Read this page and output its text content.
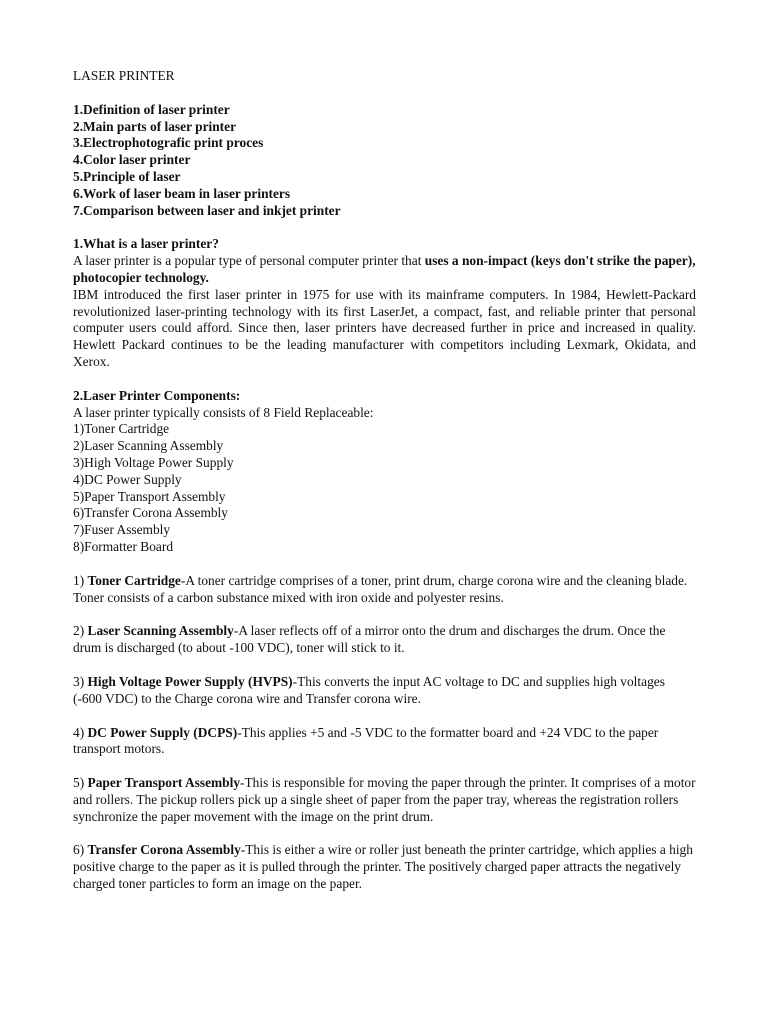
LASER PRINTER
1.Definition of laser printer
2.Main parts of laser printer
3.Electrophotografic print proces
4.Color laser printer
5.Principle of laser
6.Work of laser beam in laser printers
7.Comparison between laser and inkjet printer
1.What is a laser printer?

A laser printer is a popular type of personal computer printer that uses a non-impact (keys don't strike the paper), photocopier technology.

IBM introduced the first laser printer in 1975 for use with its mainframe computers. In 1984, Hewlett-Packard revolutionized laser-printing technology with its first LaserJet, a compact, fast, and reliable printer that personal computer users could afford. Since then, laser printers have decreased further in price and increased in quality. Hewlett Packard continues to be the leading manufacturer with competitors including Lexmark, Okidata, and Xerox.

2.Laser Printer Components:

A laser printer typically consists of 8 Field Replaceable:

1)Toner Cartridge
2)Laser Scanning Assembly
3)High Voltage Power Supply
4)DC Power Supply
5)Paper Transport Assembly
6)Transfer Corona Assembly
7)Fuser Assembly
8)Formatter Board

1) Toner Cartridge-A toner cartridge comprises of a toner, print drum, charge corona wire and the cleaning blade. Toner consists of a carbon substance mixed with iron oxide and polyester resins.

2) Laser Scanning Assembly-A laser reflects off of a mirror onto the drum and discharges the drum. Once the drum is discharged (to about -100 VDC), toner will stick to it.

3) High Voltage Power Supply (HVPS)-This converts the input AC voltage to DC and supplies high voltages (-600 VDC) to the Charge corona wire and Transfer corona wire.

4) DC Power Supply (DCPS)-This applies +5 and -5 VDC to the formatter board and +24 VDC to the paper transport motors.

5) Paper Transport Assembly-This is responsible for moving the paper through the printer. It comprises of a motor and rollers. The pickup rollers pick up a single sheet of paper from the paper tray, whereas the registration rollers synchronize the paper movement with the image on the print drum.

6) Transfer Corona Assembly-This is either a wire or roller just beneath the printer cartridge, which applies a high positive charge to the paper as it is pulled through the printer. The positively charged paper attracts the negatively charged toner particles to form an image on the paper.
